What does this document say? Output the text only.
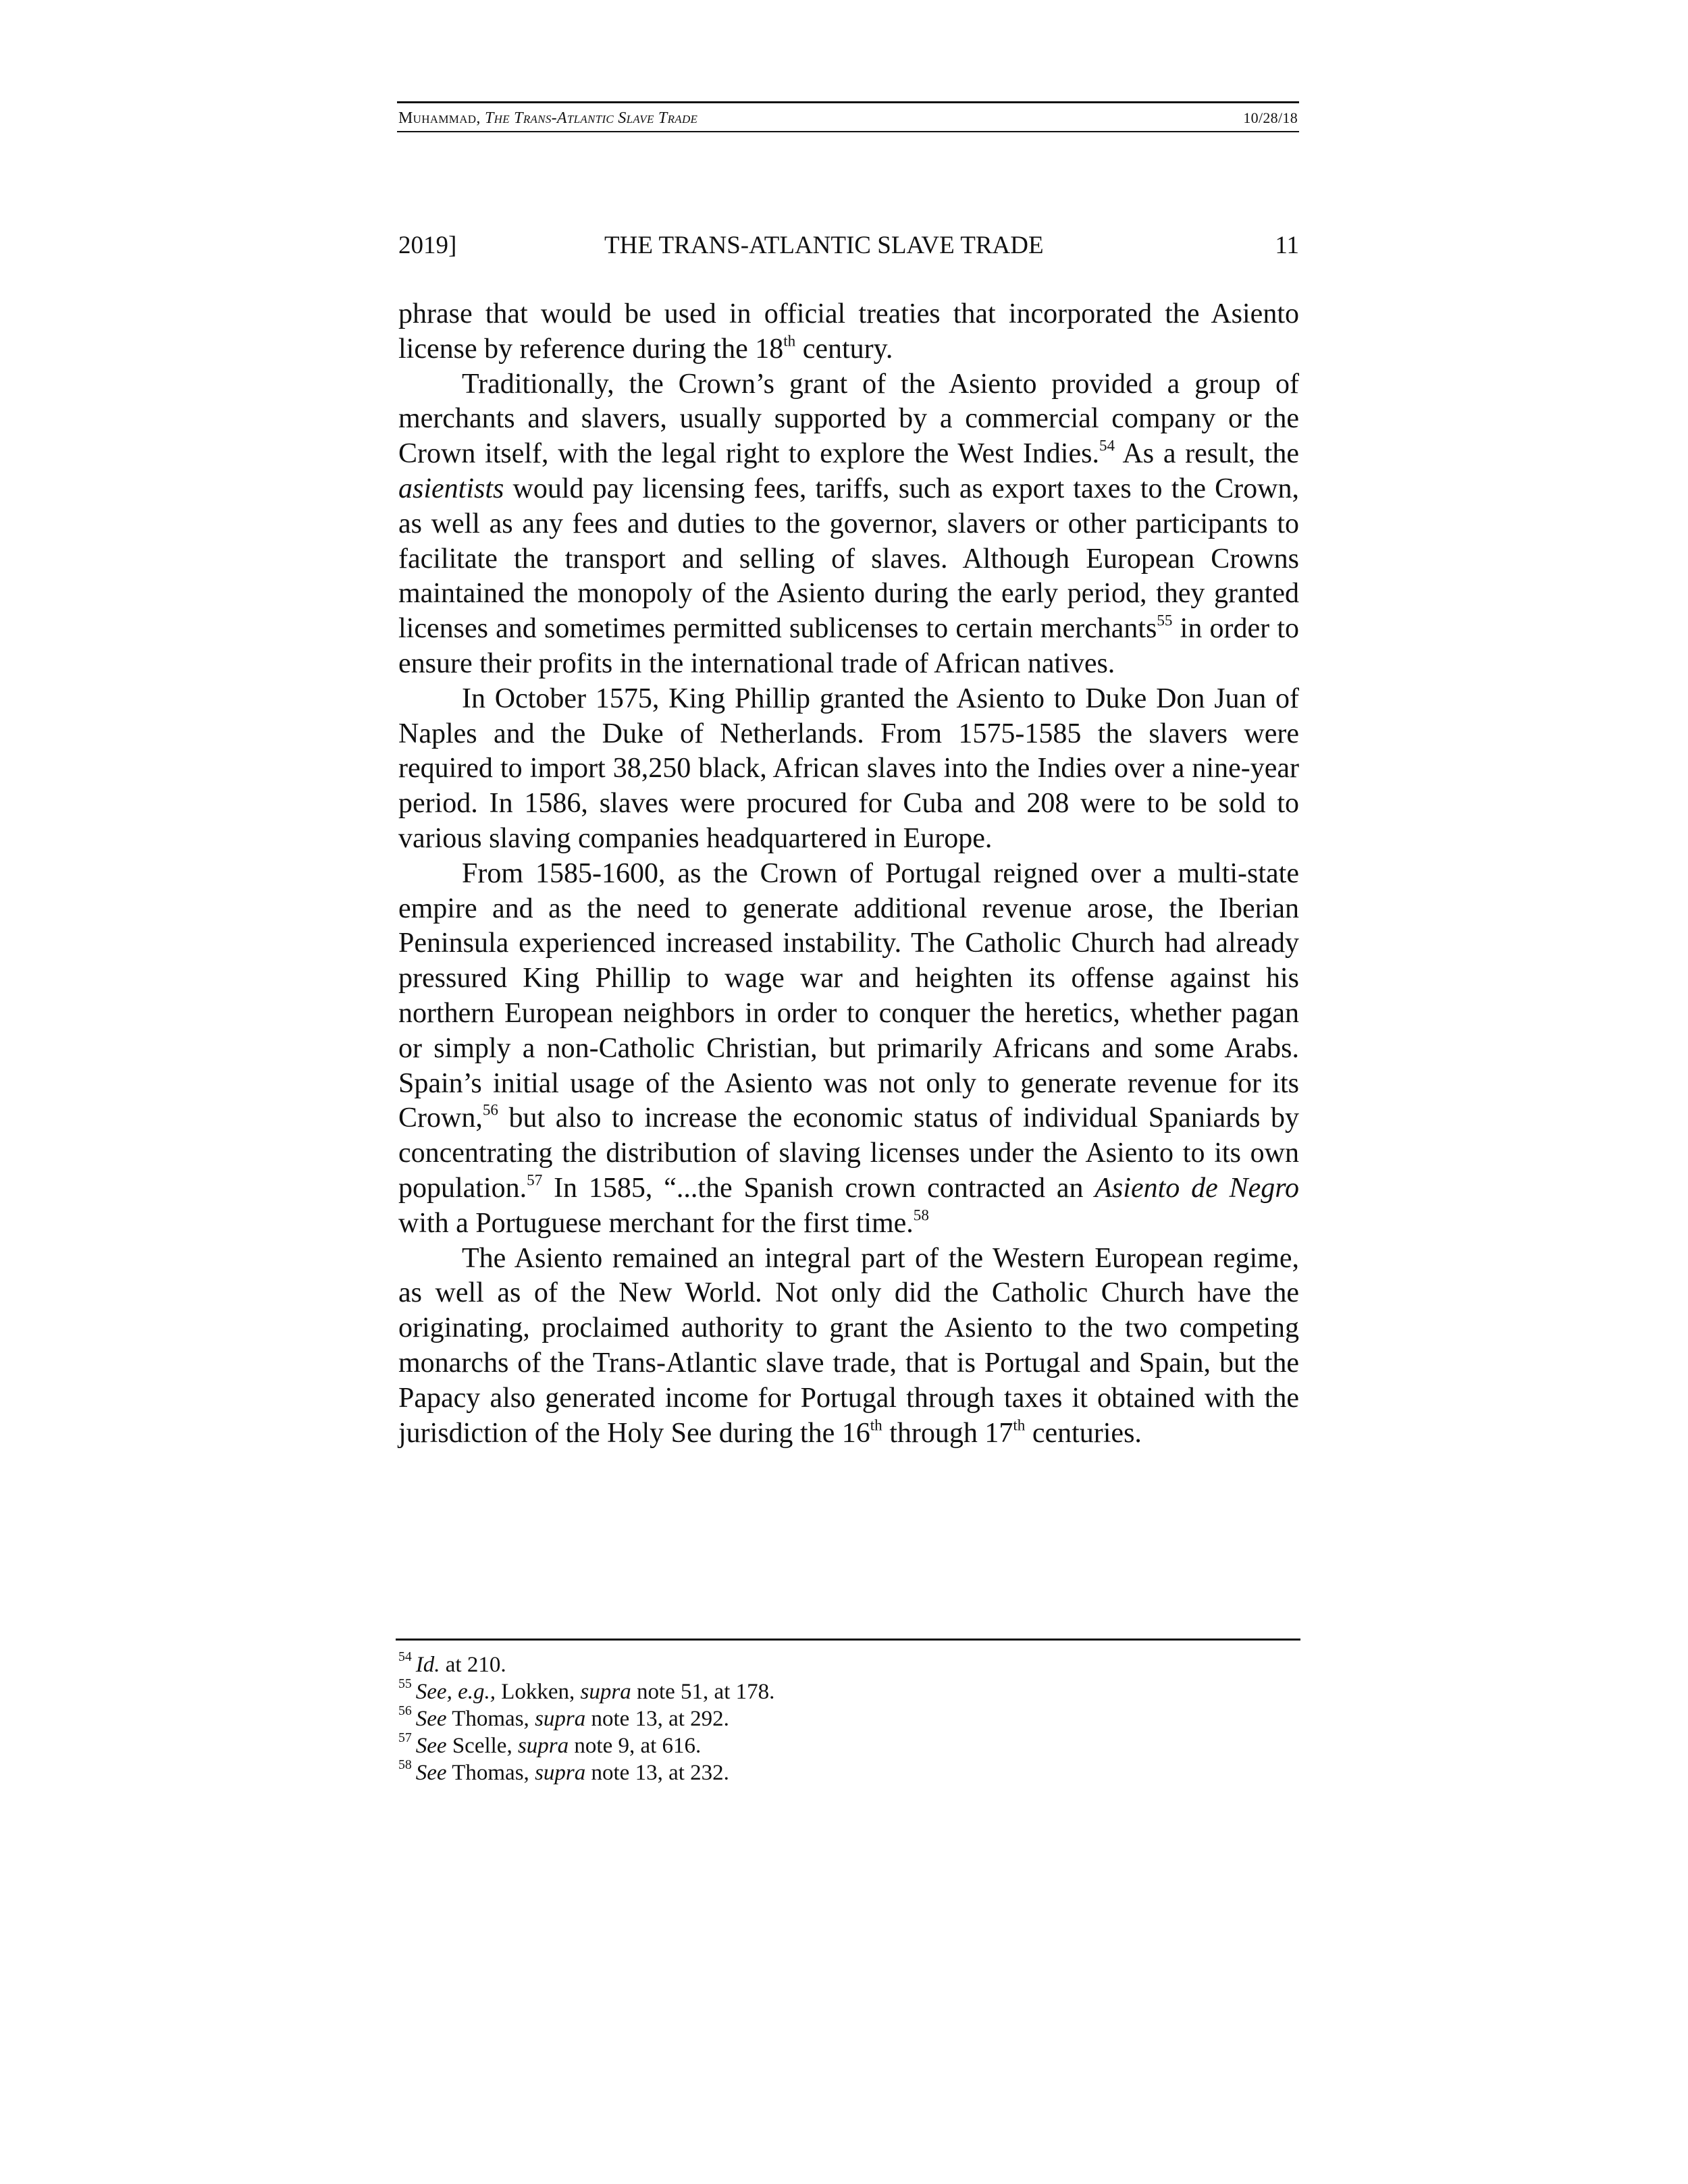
Muhammad, The Trans-Atlantic Slave Trade	10/28/18
2019]	THE TRANS-ATLANTIC SLAVE TRADE	11

phrase that would be used in official treaties that incorporated the Asiento license by reference during the 18th century.

Traditionally, the Crown’s grant of the Asiento provided a group of merchants and slavers, usually supported by a commercial company or the Crown itself, with the legal right to explore the West Indies.$^{54}$ As a result, the asientists would pay licensing fees, tariffs, such as export taxes to the Crown, as well as any fees and duties to the governor, slavers or other participants to facilitate the transport and selling of slaves. Although European Crowns maintained the monopoly of the Asiento during the early period, they granted licenses and sometimes permitted sublicenses to certain merchants$^{55}$ in order to ensure their profits in the international trade of African natives.

In October 1575, King Phillip granted the Asiento to Duke Don Juan of Naples and the Duke of Netherlands. From 1575-1585 the slavers were required to import 38,250 black, African slaves into the Indies over a nine-year period. In 1586, slaves were procured for Cuba and 208 were to be sold to various slaving companies headquartered in Europe.

From 1585-1600, as the Crown of Portugal reigned over a multi-state empire and as the need to generate additional revenue arose, the Iberian Peninsula experienced increased instability. The Catholic Church had already pressured King Phillip to wage war and heighten its offense against his northern European neighbors in order to conquer the heretics, whether pagan or simply a non-Catholic Christian, but primarily Africans and some Arabs. Spain’s initial usage of the Asiento was not only to generate revenue for its Crown,$^{56}$ but also to increase the economic status of individual Spaniards by concentrating the distribution of slaving licenses under the Asiento to its own population.$^{57}$ In 1585, “...the Spanish crown contracted an Asiento de Negro with a Portuguese merchant for the first time.$^{58}$

The Asiento remained an integral part of the Western European regime, as well as of the New World. Not only did the Catholic Church have the originating, proclaimed authority to grant the Asiento to the two competing monarchs of the Trans-Atlantic slave trade, that is Portugal and Spain, but the Papacy also generated income for Portugal through taxes it obtained with the jurisdiction of the Holy See during the 16th through 17th centuries.

$^{54}$ Id. at 210.

$^{55}$ See, e.g., Lokken, supra note 51, at 178.

$^{56}$ See Thomas, supra note 13, at 292.

$^{57}$ See Scelle, supra note 9, at 616.

$^{58}$ See Thomas, supra note 13, at 232.
